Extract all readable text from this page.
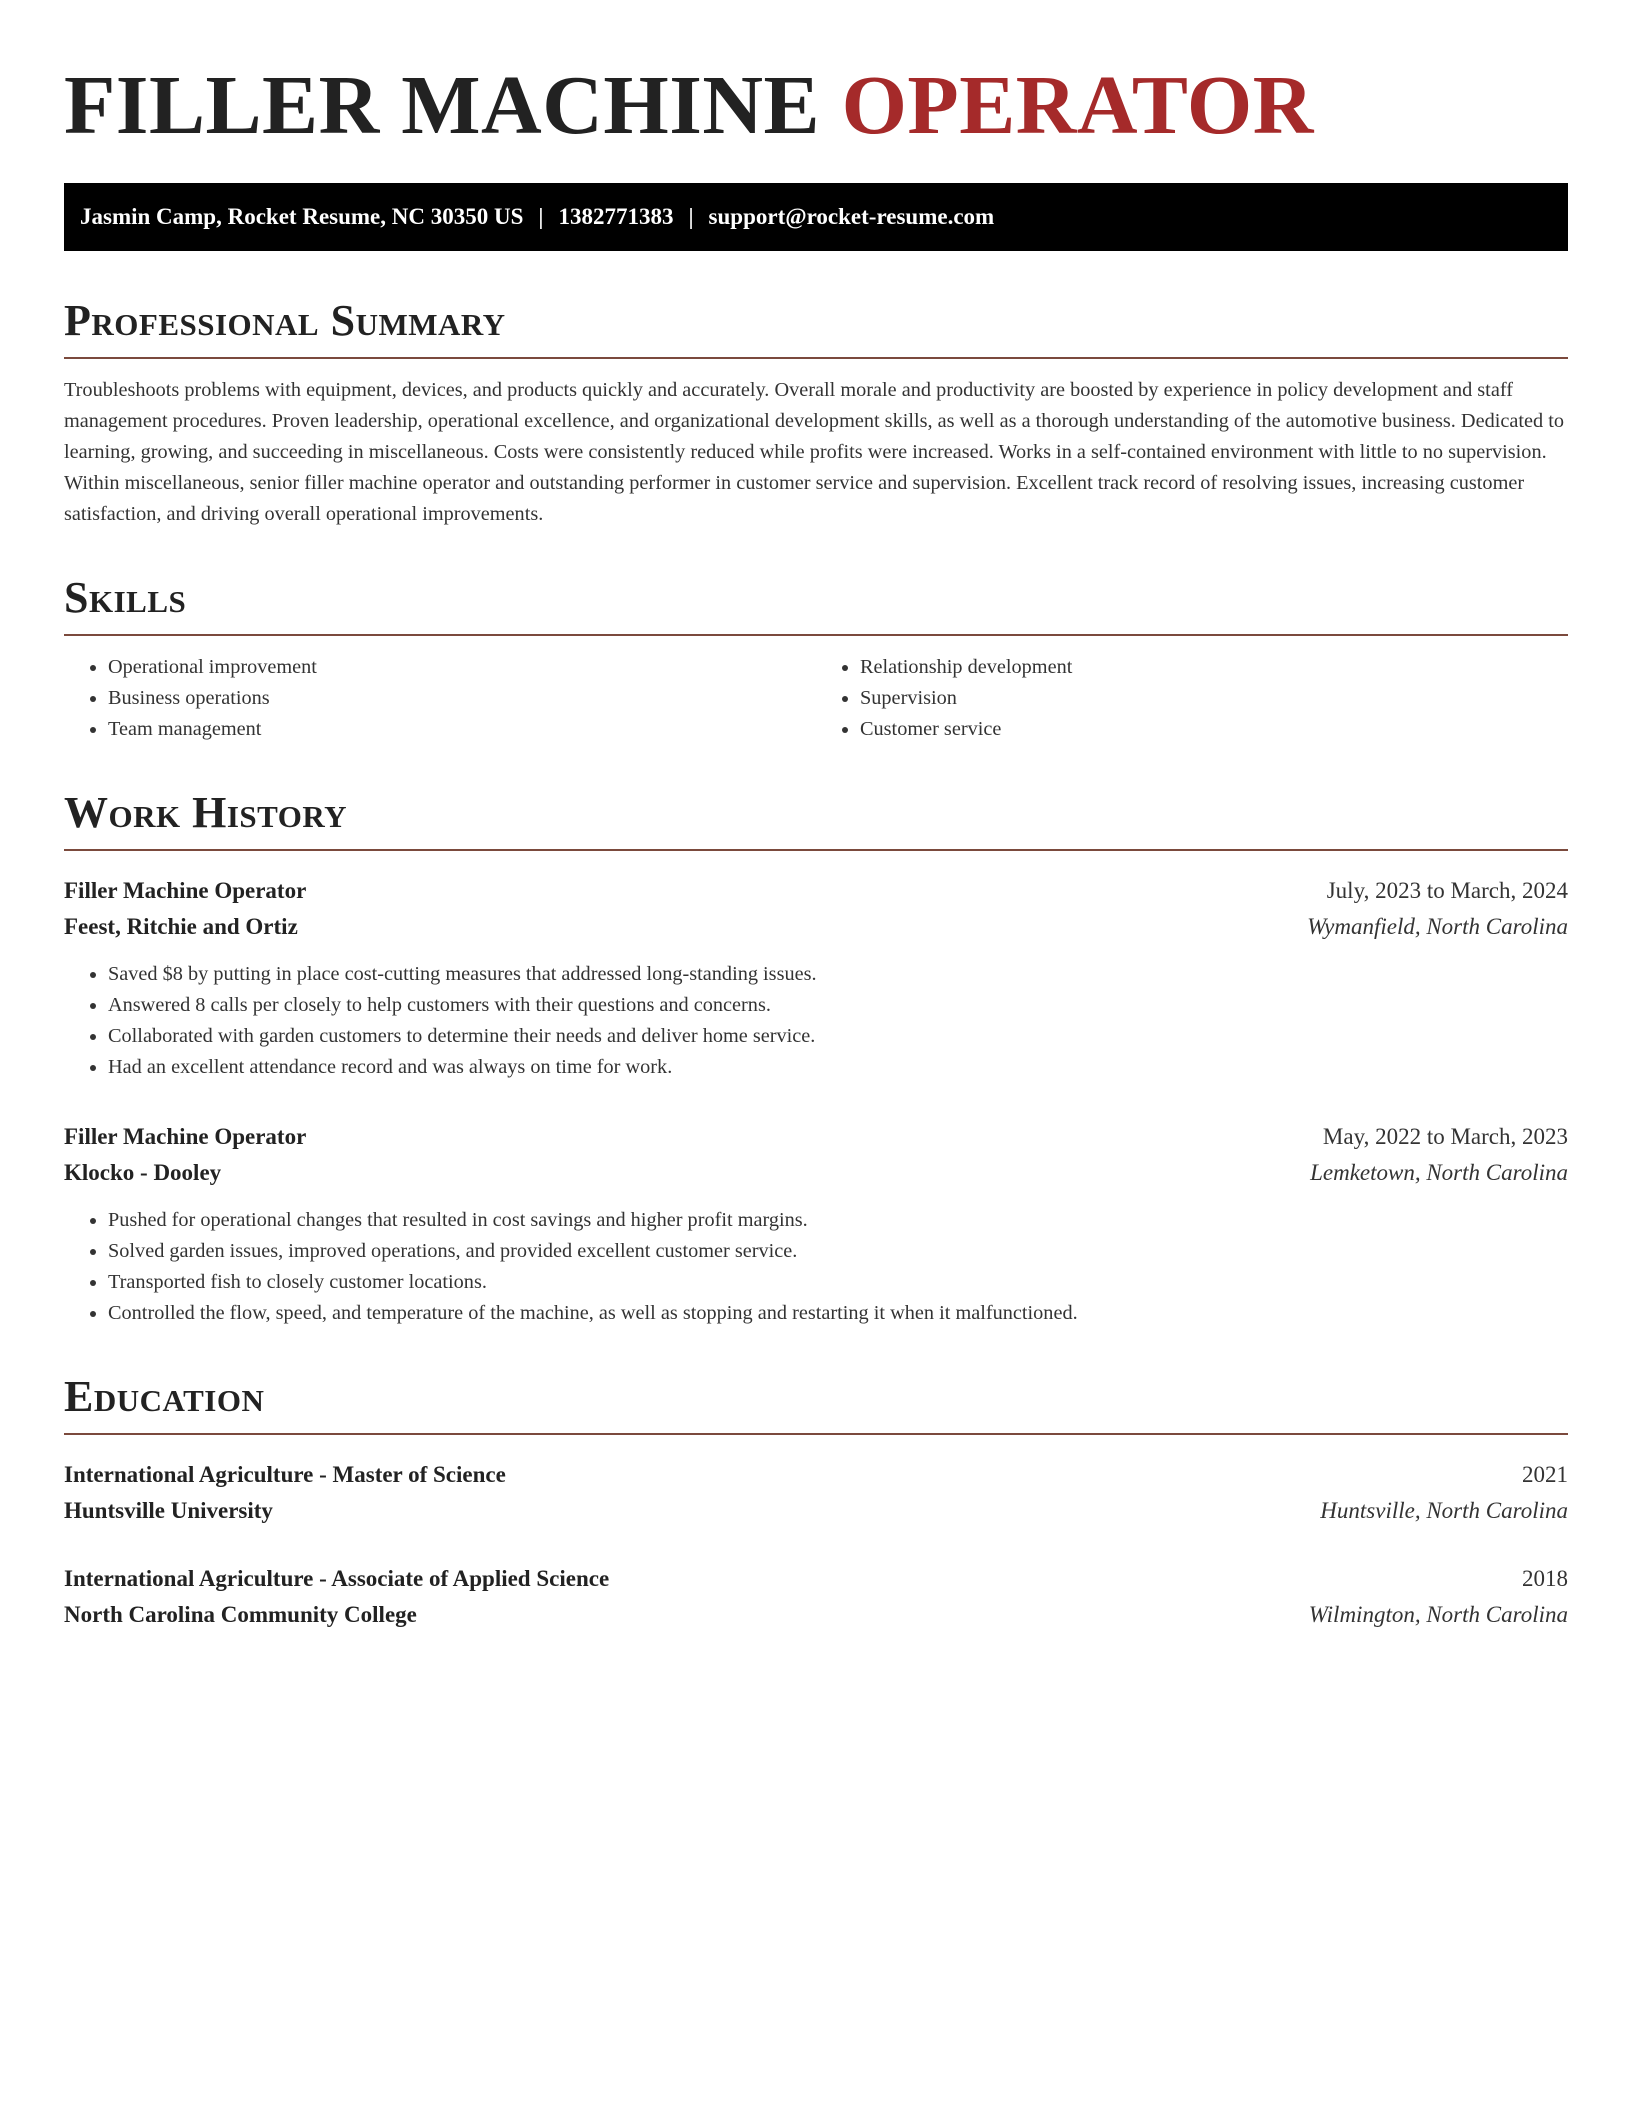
FILLER MACHINE OPERATOR
Jasmin Camp, Rocket Resume, NC 30350 US | 1382771383 | support@rocket-resume.com
Professional Summary

Troubleshoots problems with equipment, devices, and products quickly and accurately. Overall morale and productivity are boosted by experience in policy development and staff management procedures. Proven leadership, operational excellence, and organizational development skills, as well as a thorough understanding of the automotive business. Dedicated to learning, growing, and succeeding in miscellaneous. Costs were consistently reduced while profits were increased. Works in a self-contained environment with little to no supervision. Within miscellaneous, senior filler machine operator and outstanding performer in customer service and supervision. Excellent track record of resolving issues, increasing customer satisfaction, and driving overall operational improvements.

Skills
• Operational improvement
• Business operations
• Team management
• Relationship development
• Supervision
• Customer service
Work History
Filler Machine Operator	July, 2023 to March, 2024
Feest, Ritchie and Ortiz	Wymanfield, North Carolina
• Saved $8 by putting in place cost-cutting measures that addressed long-standing issues.
• Answered 8 calls per closely to help customers with their questions and concerns.
• Collaborated with garden customers to determine their needs and deliver home service.
• Had an excellent attendance record and was always on time for work.
Filler Machine Operator	May, 2022 to March, 2023
Klocko - Dooley	Lemketown, North Carolina
• Pushed for operational changes that resulted in cost savings and higher profit margins.
• Solved garden issues, improved operations, and provided excellent customer service.
• Transported fish to closely customer locations.
• Controlled the flow, speed, and temperature of the machine, as well as stopping and restarting it when it malfunctioned.
Education
International Agriculture - Master of Science	2021
Huntsville University	Huntsville, North Carolina
International Agriculture - Associate of Applied Science	2018
North Carolina Community College	Wilmington, North Carolina
